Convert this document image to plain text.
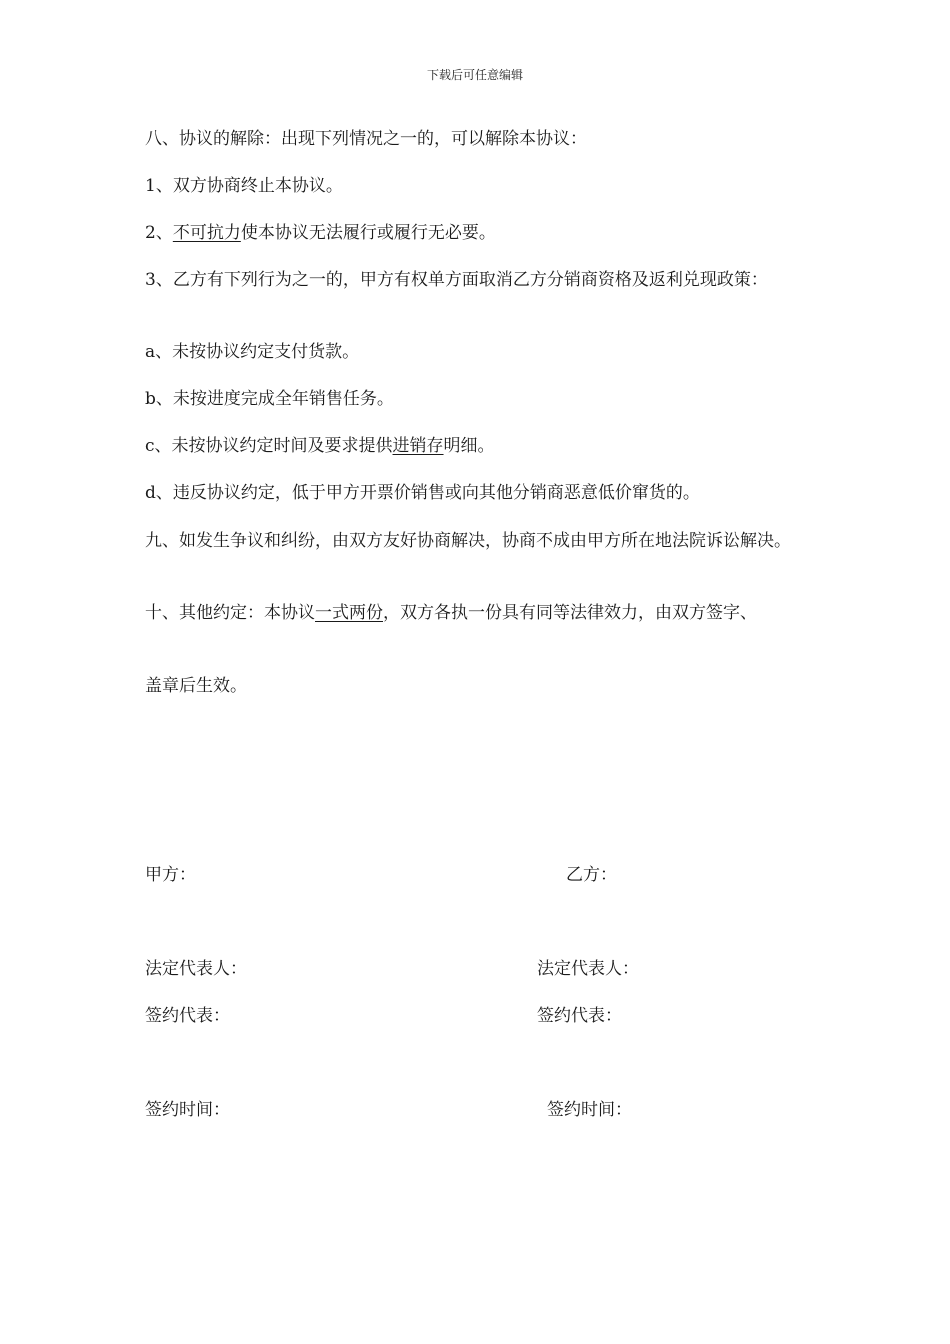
下载后可任意编辑

八、协议的解除：出现下列情况之一的，可以解除本协议：

1、双方协商终止本协议。

2、不可抗力使本协议无法履行或履行无必要。

3、乙方有下列行为之一的，甲方有权单方面取消乙方分销商资格及返利兑现政策：

a、未按协议约定支付货款。

b、未按进度完成全年销售任务。

c、未按协议约定时间及要求提供进销存明细。

d、违反协议约定，低于甲方开票价销售或向其他分销商恶意低价窜货的。

九、如发生争议和纠纷，由双方友好协商解决，协商不成由甲方所在地法院诉讼解决。

十、其他约定：本协议一式两份，双方各执一份具有同等法律效力，由双方签字、

盖章后生效。

甲方：	乙方：
法定代表人：	法定代表人：
签约代表：	签约代表：
签约时间：	签约时间：
